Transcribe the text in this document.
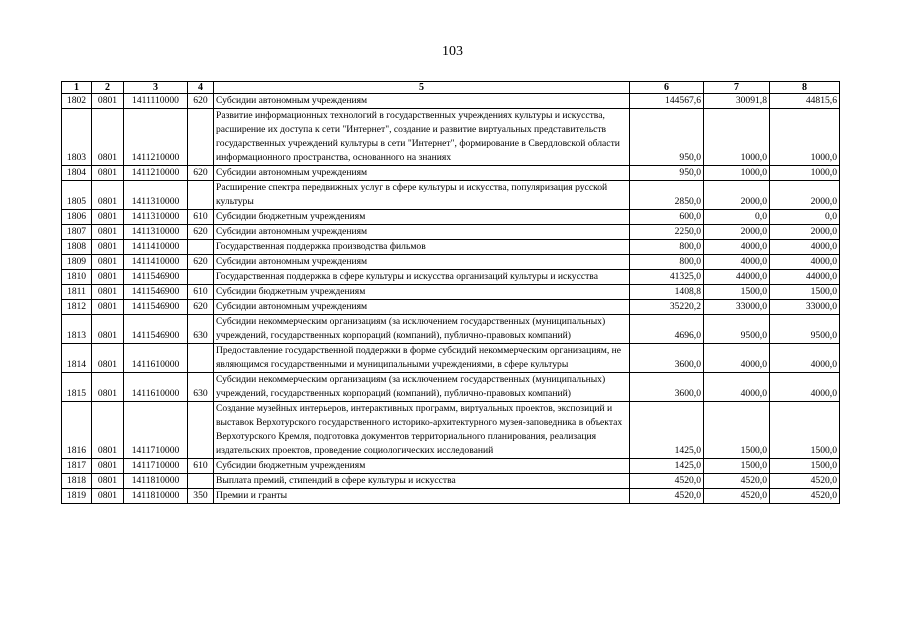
103
1	2	3	4	5	6	7	8
1802	0801	1411110000	620	Субсидии автономным учреждениям	144567,6	30091,8	44815,6
1803	0801	1411210000		Развитие информационных технологий в государственных учреждениях культуры и искусства, расширение их доступа к сети "Интернет", создание и развитие виртуальных представительств государственных учреждений культуры в сети "Интернет", формирование в Свердловской области информационного пространства, основанного на знаниях	950,0	1000,0	1000,0
1804	0801	1411210000	620	Субсидии автономным учреждениям	950,0	1000,0	1000,0
1805	0801	1411310000		Расширение спектра передвижных услуг в сфере культуры и искусства, популяризация русской культуры	2850,0	2000,0	2000,0
1806	0801	1411310000	610	Субсидии бюджетным учреждениям	600,0	0,0	0,0
1807	0801	1411310000	620	Субсидии автономным учреждениям	2250,0	2000,0	2000,0
1808	0801	1411410000		Государственная поддержка производства фильмов	800,0	4000,0	4000,0
1809	0801	1411410000	620	Субсидии автономным учреждениям	800,0	4000,0	4000,0
1810	0801	1411546900		Государственная поддержка в сфере культуры и искусства организаций культуры и искусства	41325,0	44000,0	44000,0
1811	0801	1411546900	610	Субсидии бюджетным учреждениям	1408,8	1500,0	1500,0
1812	0801	1411546900	620	Субсидии автономным учреждениям	35220,2	33000,0	33000,0
1813	0801	1411546900	630	Субсидии некоммерческим организациям (за исключением государственных (муниципальных) учреждений, государственных корпораций (компаний), публично-правовых компаний)	4696,0	9500,0	9500,0
1814	0801	1411610000		Предоставление государственной поддержки в форме субсидий некоммерческим организациям, не являющимся государственными и муниципальными учреждениями, в сфере культуры	3600,0	4000,0	4000,0
1815	0801	1411610000	630	Субсидии некоммерческим организациям (за исключением государственных (муниципальных) учреждений, государственных корпораций (компаний), публично-правовых компаний)	3600,0	4000,0	4000,0
1816	0801	1411710000		Создание музейных интерьеров, интерактивных программ, виртуальных проектов, экспозиций и выставок Верхотурского государственного историко-архитектурного музея-заповедника в объектах Верхотурского Кремля, подготовка документов территориального планирования, реализация издательских проектов, проведение социологических исследований	1425,0	1500,0	1500,0
1817	0801	1411710000	610	Субсидии бюджетным учреждениям	1425,0	1500,0	1500,0
1818	0801	1411810000		Выплата премий, стипендий в сфере культуры и искусства	4520,0	4520,0	4520,0
1819	0801	1411810000	350	Премии и гранты	4520,0	4520,0	4520,0
